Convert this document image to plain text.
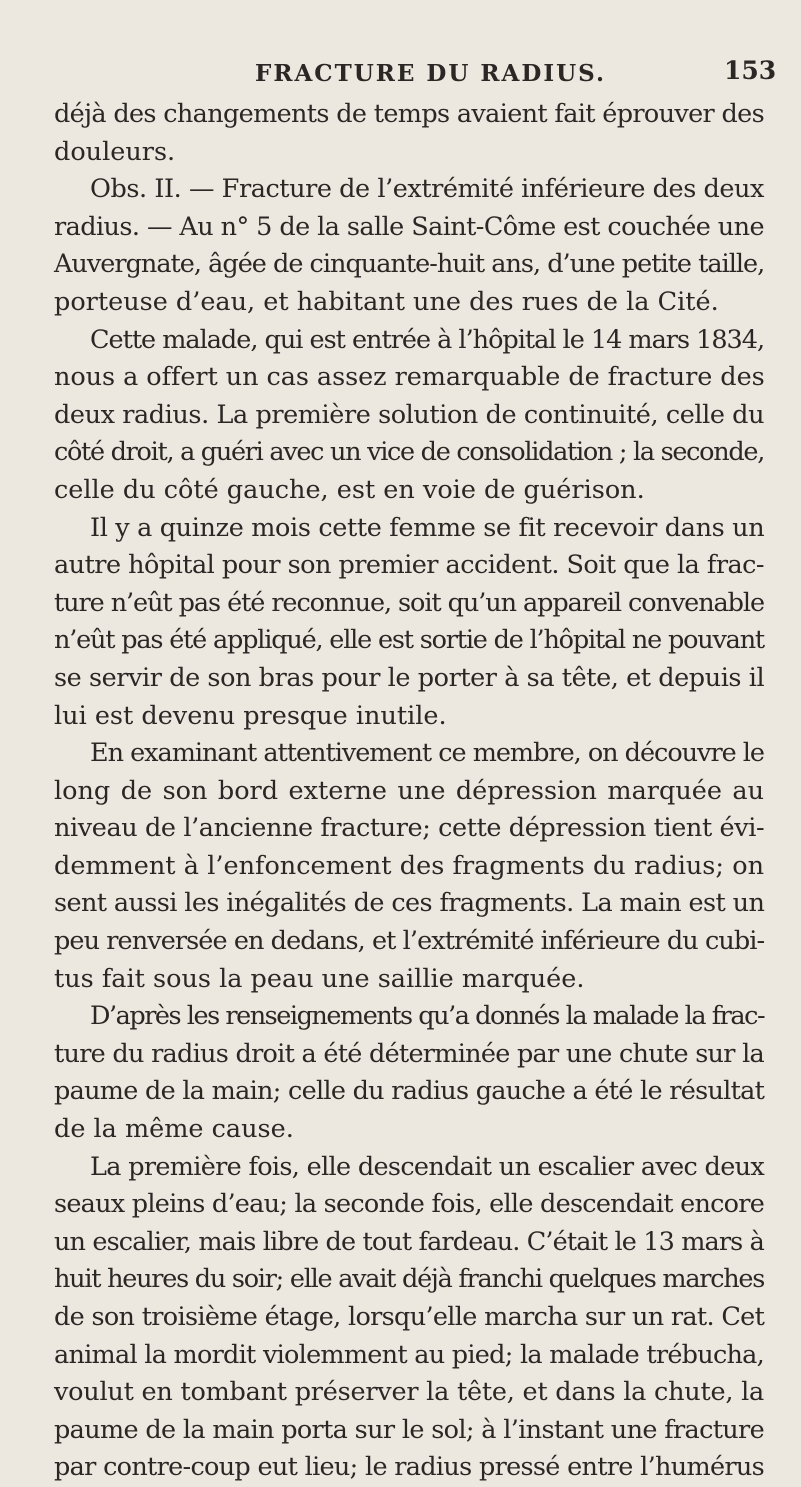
FRACTURE DU RADIUS.	153
déjà des changements de temps avaient fait éprouver des
douleurs.
Obs. II. — Fracture de l’extrémité inférieure des deux
radius. — Au n° 5 de la salle Saint-Côme est couchée une
Auvergnate, âgée de cinquante-huit ans, d’une petite taille,
porteuse d’eau, et habitant une des rues de la Cité.
Cette malade, qui est entrée à l’hôpital le 14 mars 1834,
nous a offert un cas assez remarquable de fracture des
deux radius. La première solution de continuité, celle du
côté droit, a guéri avec un vice de consolidation ; la seconde,
celle du côté gauche, est en voie de guérison.
Il y a quinze mois cette femme se fit recevoir dans un
autre hôpital pour son premier accident. Soit que la frac-
ture n’eût pas été reconnue, soit qu’un appareil convenable
n’eût pas été appliqué, elle est sortie de l’hôpital ne pouvant
se servir de son bras pour le porter à sa tête, et depuis il
lui est devenu presque inutile.
En examinant attentivement ce membre, on découvre le
long de son bord externe une dépression marquée au
niveau de l’ancienne fracture; cette dépression tient évi-
demment à l’enfoncement des fragments du radius; on
sent aussi les inégalités de ces fragments. La main est un
peu renversée en dedans, et l’extrémité inférieure du cubi-
tus fait sous la peau une saillie marquée.
D’après les renseignements qu’a donnés la malade la frac-
ture du radius droit a été déterminée par une chute sur la
paume de la main; celle du radius gauche a été le résultat
de la même cause.
La première fois, elle descendait un escalier avec deux
seaux pleins d’eau; la seconde fois, elle descendait encore
un escalier, mais libre de tout fardeau. C’était le 13 mars à
huit heures du soir; elle avait déjà franchi quelques marches
de son troisième étage, lorsqu’elle marcha sur un rat. Cet
animal la mordit violemment au pied; la malade trébucha,
voulut en tombant préserver la tête, et dans la chute, la
paume de la main porta sur le sol; à l’instant une fracture
par contre-coup eut lieu; le radius pressé entre l’humérus
